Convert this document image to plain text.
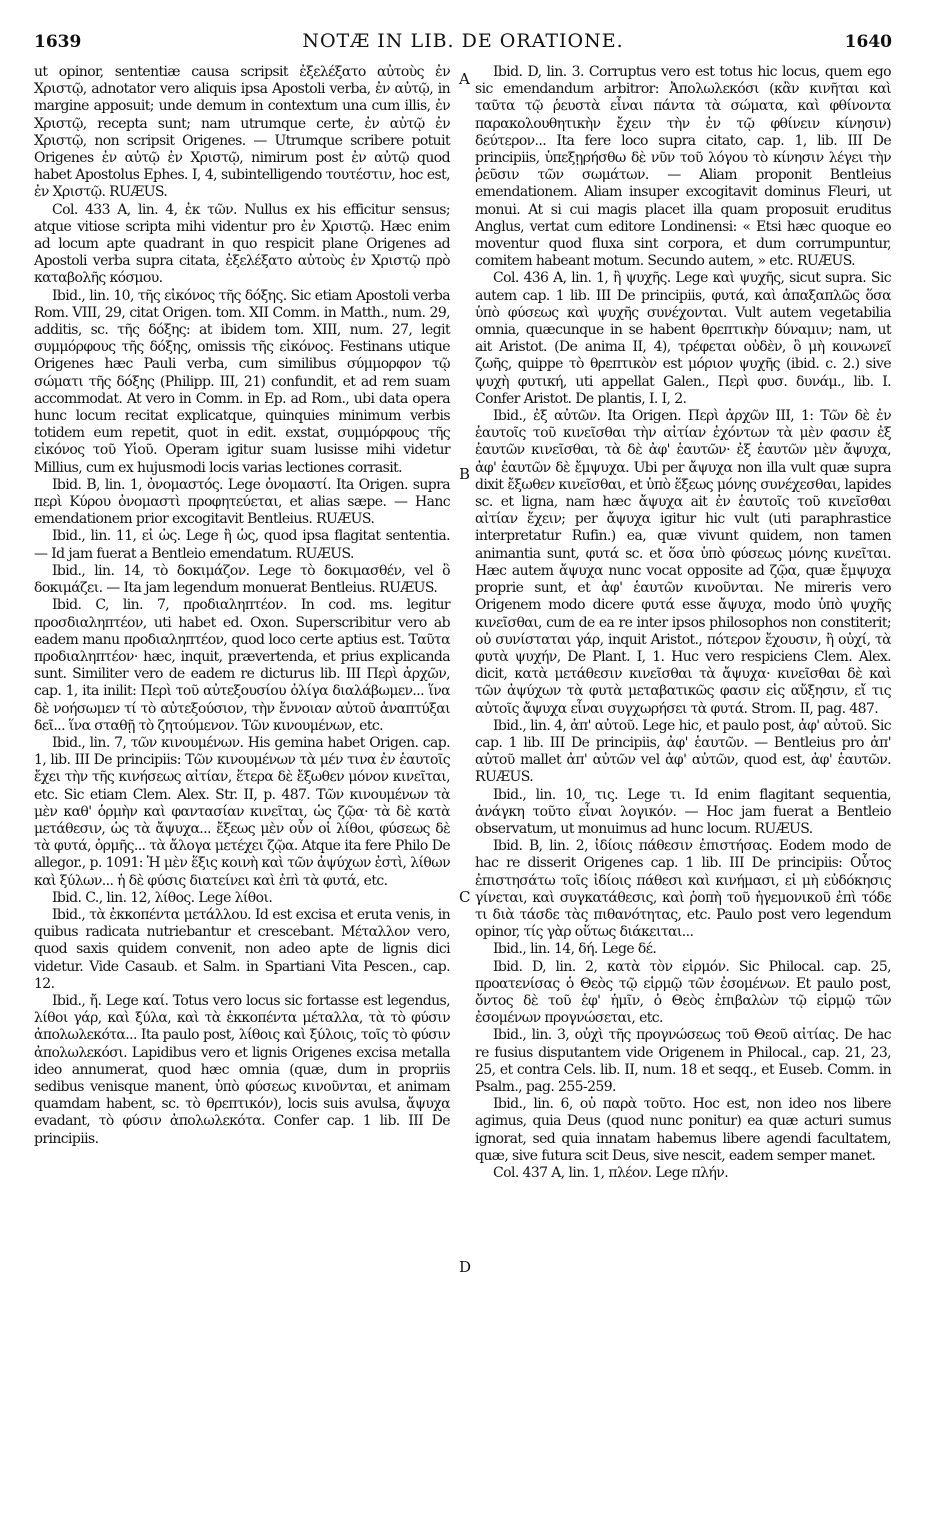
1639	NOTÆ IN LIB. DE ORATIONE.	1640

ut opinor, sententiæ causa scripsit ἐξελέξατο αὐτοὺς ἐν Χριστῷ, adnotator vero aliquis ipsa Apostoli verba, ἐν αὐτῷ, in margine apposuit; unde demum in contextum una cum illis, ἐν Χριστῷ, recepta sunt; nam utrumque certe, ἐν αὐτῷ ἐν Χριστῷ, non scripsit Origenes. — Utrumque scribere potuit Origenes ἐν αὐτῷ ἐν Χριστῷ, nimirum post ἐν αὐτῷ quod habet Apostolus Ephes. I, 4, subintelligendo τουτέστιν, hoc est, ἐν Χριστῷ. RUÆUS.

Col. 433 A, lin. 4, ἐκ τῶν. Nullus ex his efficitur sensus; atque vitiose scripta mihi videntur pro ἐν Χριστῷ. Hæc enim ad locum apte quadrant in quo respicit plane Origenes ad Apostoli verba supra citata, ἐξελέξατο αὐτοὺς ἐν Χριστῷ πρὸ καταβολῆς κόσμου.

Ibid., lin. 10, τῆς εἰκόνος τῆς δόξης. Sic etiam Apostoli verba Rom. VIII, 29, citat Origen. tom. XII Comm. in Matth., num. 29, additis, sc. τῆς δόξης: at ibidem tom. XIII, num. 27, legit συμμόρφους τῆς δόξης, omissis τῆς εἰκόνος. Festinans utique Origenes hæc Pauli verba, cum similibus σύμμορφον τῷ σώματι τῆς δόξης (Philipp. III, 21) confundit, et ad rem suam accommodat. At vero in Comm. in Ep. ad Rom., ubi data opera hunc locum recitat explicatque, quinquies minimum verbis totidem eum repetit, quot in edit. exstat, συμμόρφους τῆς εἰκόνος τοῦ Υἱοῦ. Operam igitur suam lusisse mihi videtur Millius, cum ex hujusmodi locis varias lectiones corrasit.

Ibid. B, lin. 1, ὀνομαστός. Lege ὀνομαστί. Ita Origen. supra περὶ Κύρου ὀνομαστὶ προφητεύεται, et alias sæpe. — Hanc emendationem prior excogitavit Bentleius. RUÆUS.

Ibid., lin. 11, εἰ ὡς. Lege ἢ ὡς, quod ipsa flagitat sententia. — Id jam fuerat a Bentleio emendatum. RUÆUS.

Ibid., lin. 14, τὸ δοκιμάζον. Lege τὸ δοκιμασθέν, vel ὃ δοκιμάζει. — Ita jam legendum monuerat Bentleius. RUÆUS.

Ibid. C, lin. 7, προδιαληπτέον. In cod. ms. legitur προσδιαληπτέον, uti habet ed. Oxon. Superscribitur vero ab eadem manu προδιαληπτέον, quod loco certe aptius est. Ταῦτα προδιαληπτέον· hæc, inquit, prævertenda, et prius explicanda sunt. Similiter vero de eadem re dicturus lib. III Περὶ ἀρχῶν, cap. 1, ita inilit: Περὶ τοῦ αὐτεξουσίου ὀλίγα διαλάβωμεν... ἵνα δὲ νοήσωμεν τί τὸ αὐτεξούσιον, τὴν ἔννοιαν αὐτοῦ ἀναπτύξαι δεῖ... ἵνα σταθῇ τὸ ζητούμενον. Τῶν κινουμένων, etc.

Ibid., lin. 7, τῶν κινουμένων. His gemina habet Origen. cap. 1, lib. III De principiis: Τῶν κινουμένων τὰ μέν τινα ἐν ἑαυτοῖς ἔχει τὴν τῆς κινήσεως αἰτίαν, ἕτερα δὲ ἔξωθεν μόνον κινεῖται, etc. Sic etiam Clem. Alex. Str. II, p. 487. Τῶν κινουμένων τὰ μὲν καθ' ὁρμὴν καὶ φαντασίαν κινεῖται, ὡς ζῷα· τὰ δὲ κατὰ μετάθεσιν, ὡς τὰ ἄψυχα... ἔξεως μὲν οὖν οἱ λίθοι, φύσεως δὲ τὰ φυτά, ὁρμῆς... τὰ ἄλογα μετέχει ζῷα. Atque ita fere Philo De allegor., p. 1091: Ἡ μὲν ἕξις κοινὴ καὶ τῶν ἀψύχων ἐστὶ, λίθων καὶ ξύλων... ἡ δὲ φύσις διατείνει καὶ ἐπὶ τὰ φυτά, etc.

Ibid. C., lin. 12, λίθος. Lege λίθοι.

Ibid., τὰ ἐκκοπέντα μετάλλου. Id est excisa et eruta venis, in quibus radicata nutriebantur et crescebant. Μέταλλον vero, quod saxis quidem convenit, non adeo apte de lignis dici videtur. Vide Casaub. et Salm. in Spartiani Vita Pescen., cap. 12.

Ibid., ἤ. Lege καί. Totus vero locus sic fortasse est legendus, λίθοι γάρ, καὶ ξύλα, καὶ τὰ ἐκκοπέντα μέταλλα, τὰ τὸ φύσιν ἀπολωλεκότα... Ita paulo post, λίθοις καὶ ξύλοις, τοῖς τὸ φύσιν ἀπολωλεκόσι. Lapidibus vero et lignis Origenes excisa metalla ideo annumerat, quod hæc omnia (quæ, dum in propriis sedibus venisque manent, ὑπὸ φύσεως κινοῦνται, et animam quamdam habent, sc. τὸ θρεπτικόν), locis suis avulsa, ἄψυχα evadant, τὸ φύσιν ἀπολωλεκότα. Confer cap. 1 lib. III De principiis.

A
B
C
D

Ibid. D, lin. 3. Corruptus vero est totus hic locus, quem ego sic emendandum arbitror: Ἀπολωλεκόσι (κἂν κινῆται καὶ ταῦτα τῷ ῥευστὰ εἶναι πάντα τὰ σώματα, καὶ φθίνοντα παρακολουθητικὴν ἔχειν τὴν ἐν τῷ φθίνειν κίνησιν) δεύτερον... Ita fere loco supra citato, cap. 1, lib. III De principiis, ὑπεξῃρήσθω δὲ νῦν τοῦ λόγου τὸ κίνησιν λέγει τὴν ῥεῦσιν τῶν σωμάτων. — Aliam proponit Bentleius emendationem. Aliam insuper excogitavit dominus Fleuri, ut monui. At si cui magis placet illa quam proposuit eruditus Anglus, vertat cum editore Londinensi: « Etsi hæc quoque eo moventur quod fluxa sint corpora, et dum corrumpuntur, comitem habeant motum. Secundo autem, » etc. RUÆUS.

Col. 436 A, lin. 1, ἢ ψυχῆς. Lege καὶ ψυχῆς, sicut supra. Sic autem cap. 1 lib. III De principiis, φυτά, καὶ ἁπαξαπλῶς ὅσα ὑπὸ φύσεως καὶ ψυχῆς συνέχονται. Vult autem vegetabilia omnia, quæcunque in se habent θρεπτικὴν δύναμιν; nam, ut ait Aristot. (De anima II, 4), τρέφεται οὐδὲν, ὃ μὴ κοινωνεῖ ζωῆς, quippe τὸ θρεπτικὸν est μόριον ψυχῆς (ibid. c. 2.) sive ψυχὴ φυτική, uti appellat Galen., Περὶ φυσ. δυνάμ., lib. I. Confer Aristot. De plantis, I. I, 2.

Ibid., ἐξ αὐτῶν. Ita Origen. Περὶ ἀρχῶν III, 1: Τῶν δὲ ἐν ἑαυτοῖς τοῦ κινεῖσθαι τὴν αἰτίαν ἐχόντων τὰ μὲν φασιν ἐξ ἑαυτῶν κινεῖσθαι, τὰ δὲ ἀφ' ἑαυτῶν· ἐξ ἑαυτῶν μὲν ἄψυχα, ἀφ' ἑαυτῶν δὲ ἔμψυχα. Ubi per ἄψυχα non illa vult quæ supra dixit ἔξωθεν κινεῖσθαι, et ὑπὸ ἕξεως μόνης συνέχεσθαι, lapides sc. et ligna, nam hæc ἄψυχα ait ἐν ἑαυτοῖς τοῦ κινεῖσθαι αἰτίαν ἔχειν; per ἄψυχα igitur hic vult (uti paraphrastice interpretatur Rufin.) ea, quæ vivunt quidem, non tamen animantia sunt, φυτά sc. et ὅσα ὑπὸ φύσεως μόνης κινεῖται. Hæc autem ἄψυχα nunc vocat opposite ad ζῷα, quæ ἔμψυχα proprie sunt, et ἀφ' ἑαυτῶν κινοῦνται. Ne mireris vero Origenem modo dicere φυτά esse ἄψυχα, modo ὑπὸ ψυχῆς κινεῖσθαι, cum de ea re inter ipsos philosophos non constiterit; οὐ συνίσταται γάρ, inquit Aristot., πότερον ἔχουσιν, ἢ οὐχί, τὰ φυτὰ ψυχήν, De Plant. I, 1. Huc vero respiciens Clem. Alex. dicit, κατὰ μετάθεσιν κινεῖσθαι τὰ ἄψυχα· κινεῖσθαι δὲ καὶ τῶν ἀψύχων τὰ φυτὰ μεταβατικῶς φασιν εἰς αὔξησιν, εἴ τις αὐτοῖς ἄψυχα εἶναι συγχωρήσει τὰ φυτά. Strom. II, pag. 487.

Ibid., lin. 4, ἀπ' αὐτοῦ. Lege hic, et paulo post, ἀφ' αὐτοῦ. Sic cap. 1 lib. III De principiis, ἀφ' ἑαυτῶν. — Bentleius pro ἀπ' αὐτοῦ mallet ἀπ' αὐτῶν vel ἀφ' αὐτῶν, quod est, ἀφ' ἑαυτῶν. RUÆUS.

Ibid., lin. 10, τις. Lege τι. Id enim flagitant sequentia, ἀνάγκη τοῦτο εἶναι λογικόν. — Hoc jam fuerat a Bentleio observatum, ut monuimus ad hunc locum. RUÆUS.

Ibid. B, lin. 2, ἰδίοις πάθεσιν ἐπιστήσας. Eodem modo de hac re disserit Origenes cap. 1 lib. III De principiis: Οὗτος ἐπιστησάτω τοῖς ἰδίοις πάθεσι καὶ κινήμασι, εἰ μὴ εὐδόκησις γίνεται, καὶ συγκατάθεσις, καὶ ῥοπὴ τοῦ ἡγεμονικοῦ ἐπὶ τόδε τι διὰ τάσδε τὰς πιθανότητας, etc. Paulo post vero legendum opinor, τίς γὰρ οὕτως διάκειται...

Ibid., lin. 14, δή. Lege δέ.

Ibid. D, lin. 2, κατὰ τὸν εἱρμόν. Sic Philocal. cap. 25, προατενίσας ὁ Θεὸς τῷ εἱρμῷ τῶν ἐσομένων. Et paulo post, ὄντος δὲ τοῦ ἐφ' ἡμῖν, ὁ Θεὸς ἐπιβαλὼν τῷ εἱρμῷ τῶν ἐσομένων προγνώσεται, etc.

Ibid., lin. 3, οὐχὶ τῆς προγνώσεως τοῦ Θεοῦ αἰτίας. De hac re fusius disputantem vide Origenem in Philocal., cap. 21, 23, 25, et contra Cels. lib. II, num. 18 et seqq., et Euseb. Comm. in Psalm., pag. 255-259.

Ibid., lin. 6, οὐ παρὰ τοῦτο. Hoc est, non ideo nos libere agimus, quia Deus (quod nunc ponitur) ea quæ acturi sumus ignorat, sed quia innatam habemus libere agendi facultatem, quæ, sive futura scit Deus, sive nescit, eadem semper manet.

Col. 437 A, lin. 1, πλέον. Lege πλήν.
